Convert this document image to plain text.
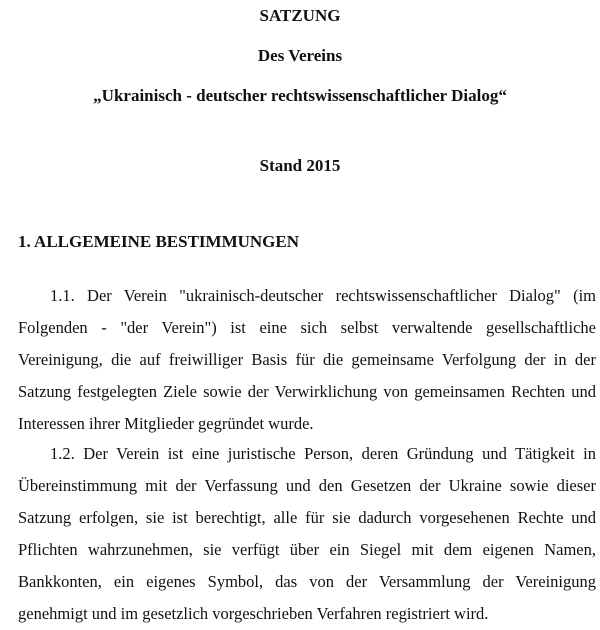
SATZUNG
Des Vereins
„Ukrainisch - deutscher rechtswissenschaftlicher Dialog“
Stand 2015
1. ALLGEMEINE BESTIMMUNGEN

1.1. Der Verein "ukrainisch-deutscher rechtswissenschaftlicher Dialog" (im Folgenden - "der Verein") ist eine sich selbst verwaltende gesellschaftliche Vereinigung, die auf freiwilliger Basis für die gemeinsame Verfolgung der in der Satzung festgelegten Ziele sowie der Verwirklichung von gemeinsamen Rechten und Interessen ihrer Mitglieder gegründet wurde.

1.2. Der Verein ist eine juristische Person, deren Gründung und Tätigkeit in Übereinstimmung mit der Verfassung und den Gesetzen der Ukraine sowie dieser Satzung erfolgen, sie ist berechtigt, alle für sie dadurch vorgesehenen Rechte und Pflichten wahrzunehmen, sie verfügt über ein Siegel mit dem eigenen Namen, Bankkonten, ein eigenes Symbol, das von der Versammlung der Vereinigung genehmigt und im gesetzlich vorgeschrieben Verfahren registriert wird.
